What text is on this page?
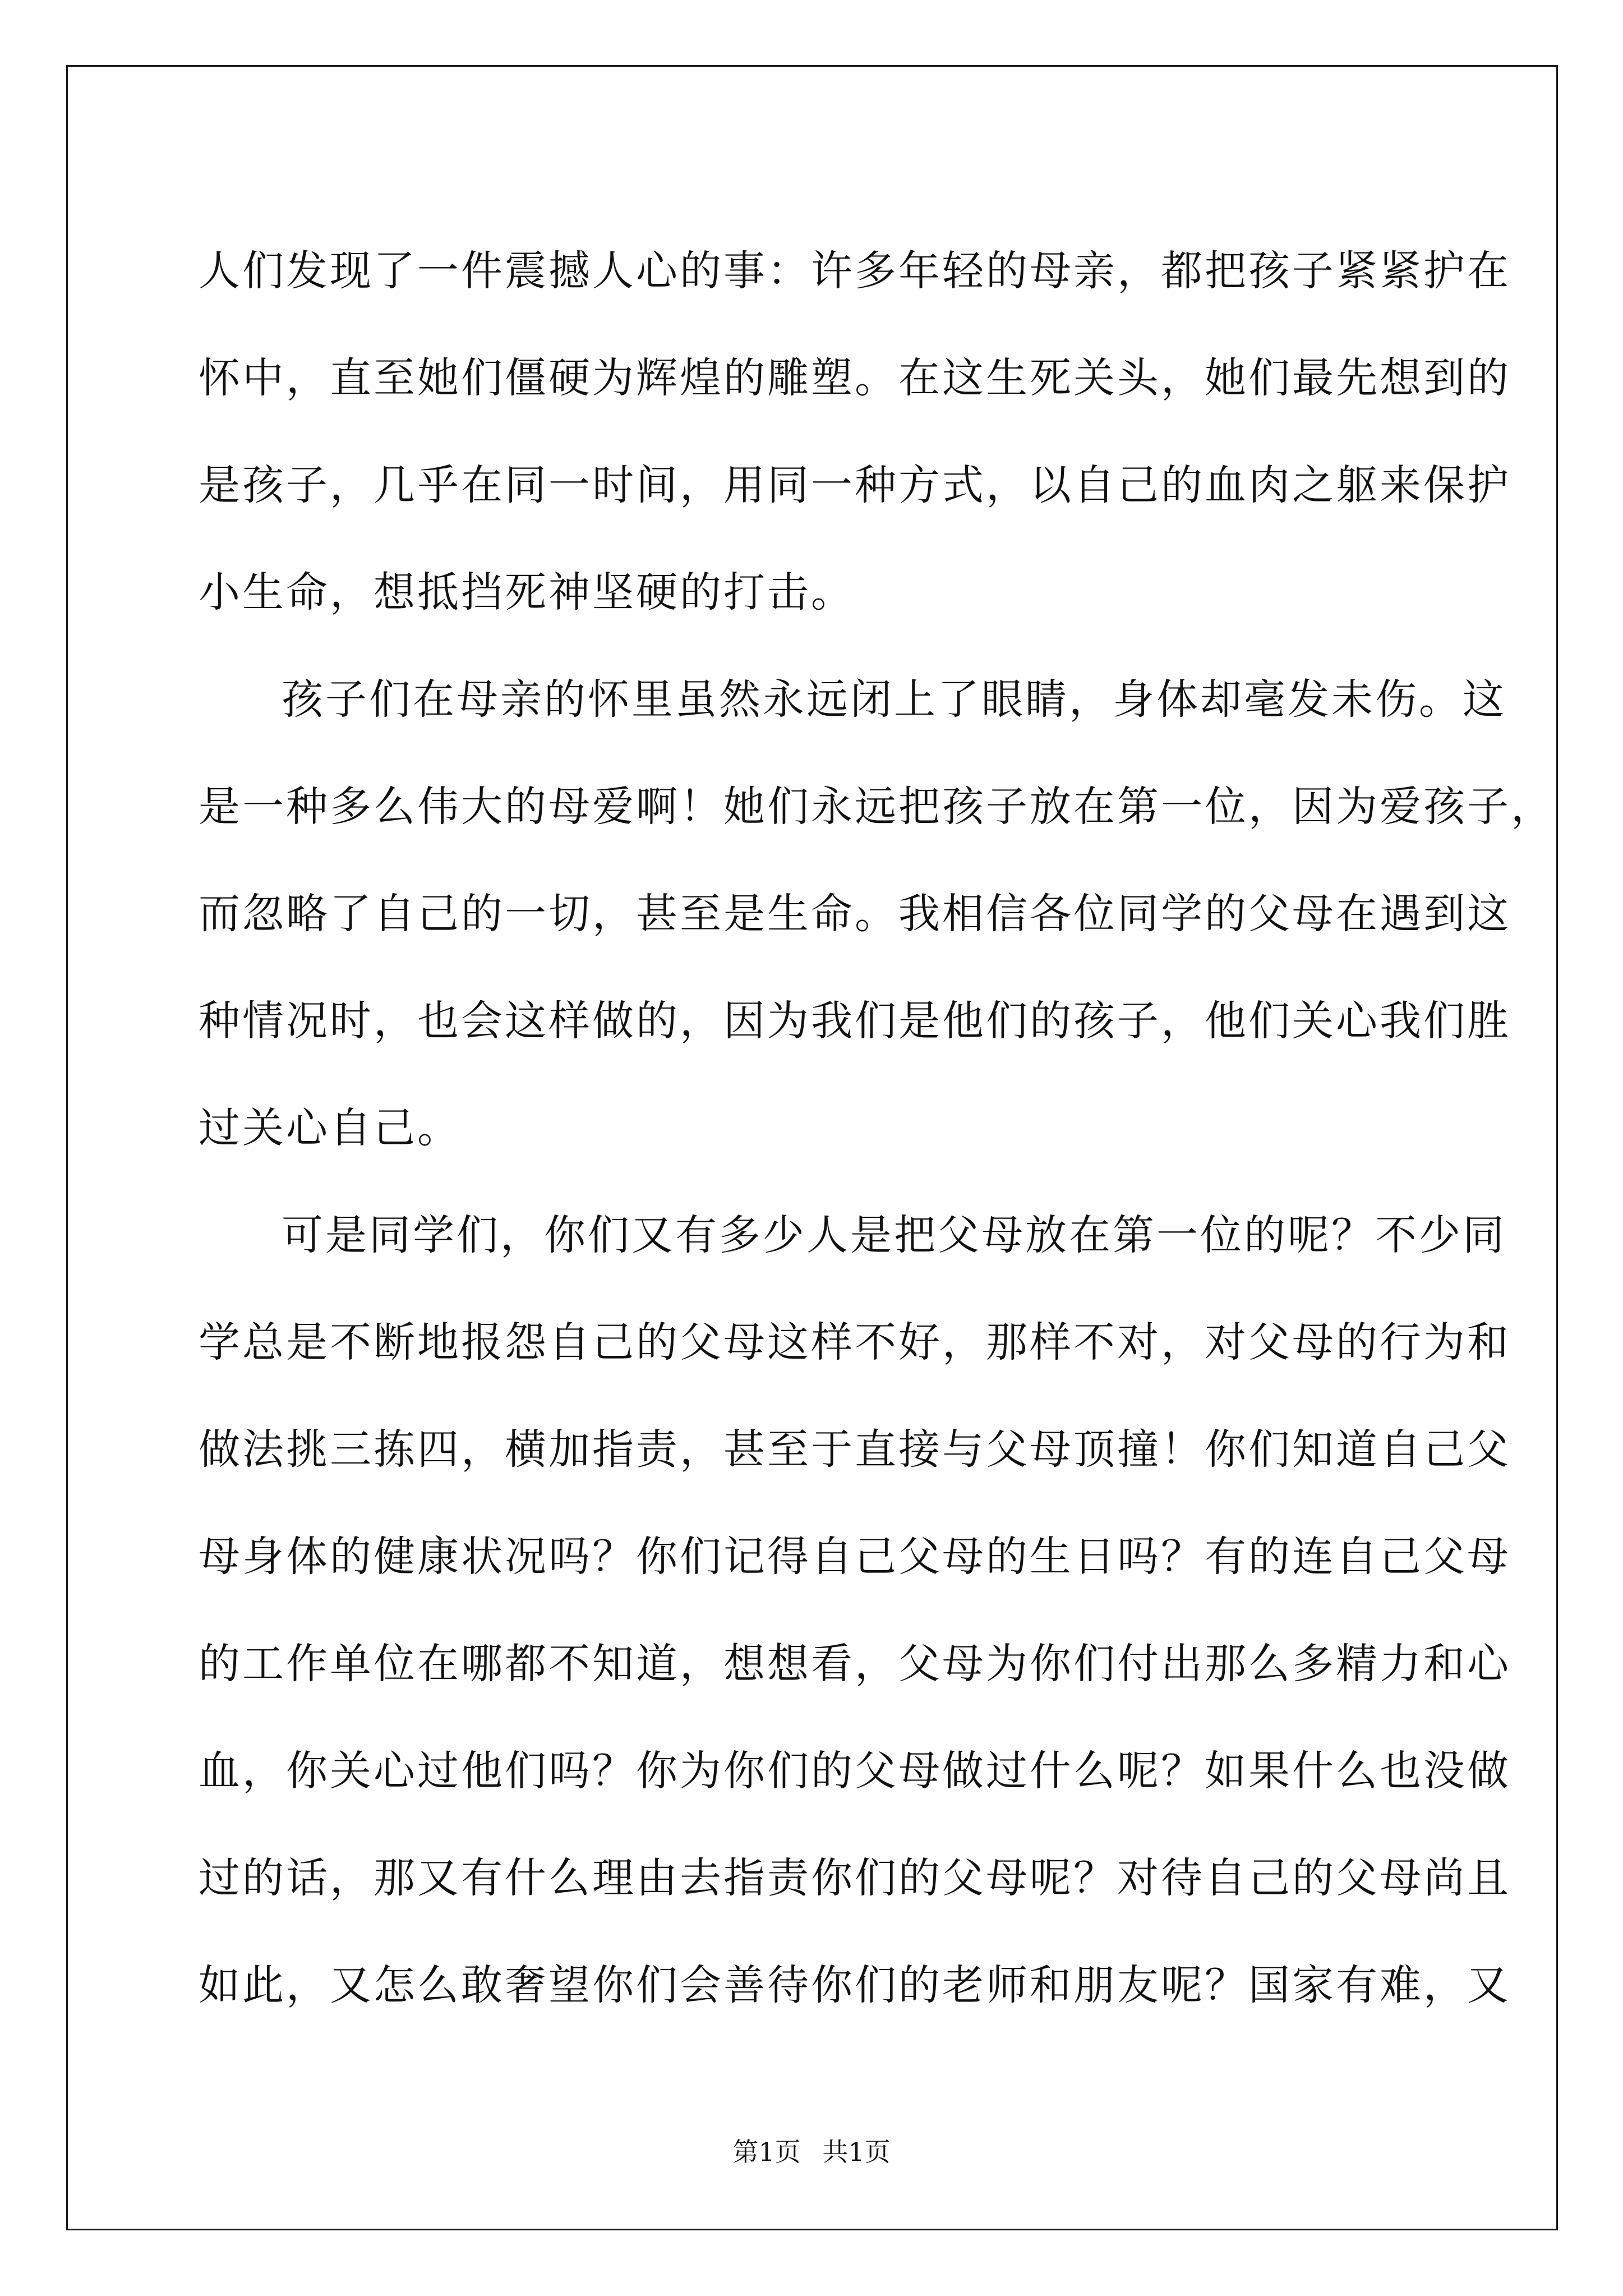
人们发现了一件震撼人心的事：许多年轻的母亲，都把孩子紧紧护在
怀中，直至她们僵硬为辉煌的雕塑。在这生死关头，她们最先想到的
是孩子，几乎在同一时间，用同一种方式，以自己的血肉之躯来保护
小生命，想抵挡死神坚硬的打击。
孩子们在母亲的怀里虽然永远闭上了眼睛，身体却毫发未伤。这
是一种多么伟大的母爱啊！她们永远把孩子放在第一位，因为爱孩子，
而忽略了自己的一切，甚至是生命。我相信各位同学的父母在遇到这
种情况时，也会这样做的，因为我们是他们的孩子，他们关心我们胜
过关心自己。
可是同学们，你们又有多少人是把父母放在第一位的呢？不少同
学总是不断地报怨自己的父母这样不好，那样不对，对父母的行为和
做法挑三拣四，横加指责，甚至于直接与父母顶撞！你们知道自己父
母身体的健康状况吗？你们记得自己父母的生日吗？有的连自己父母
的工作单位在哪都不知道，想想看，父母为你们付出那么多精力和心
血，你关心过他们吗？你为你们的父母做过什么呢？如果什么也没做
过的话，那又有什么理由去指责你们的父母呢？对待自己的父母尚且
如此，又怎么敢奢望你们会善待你们的老师和朋友呢？国家有难，又
第1页 共1页
